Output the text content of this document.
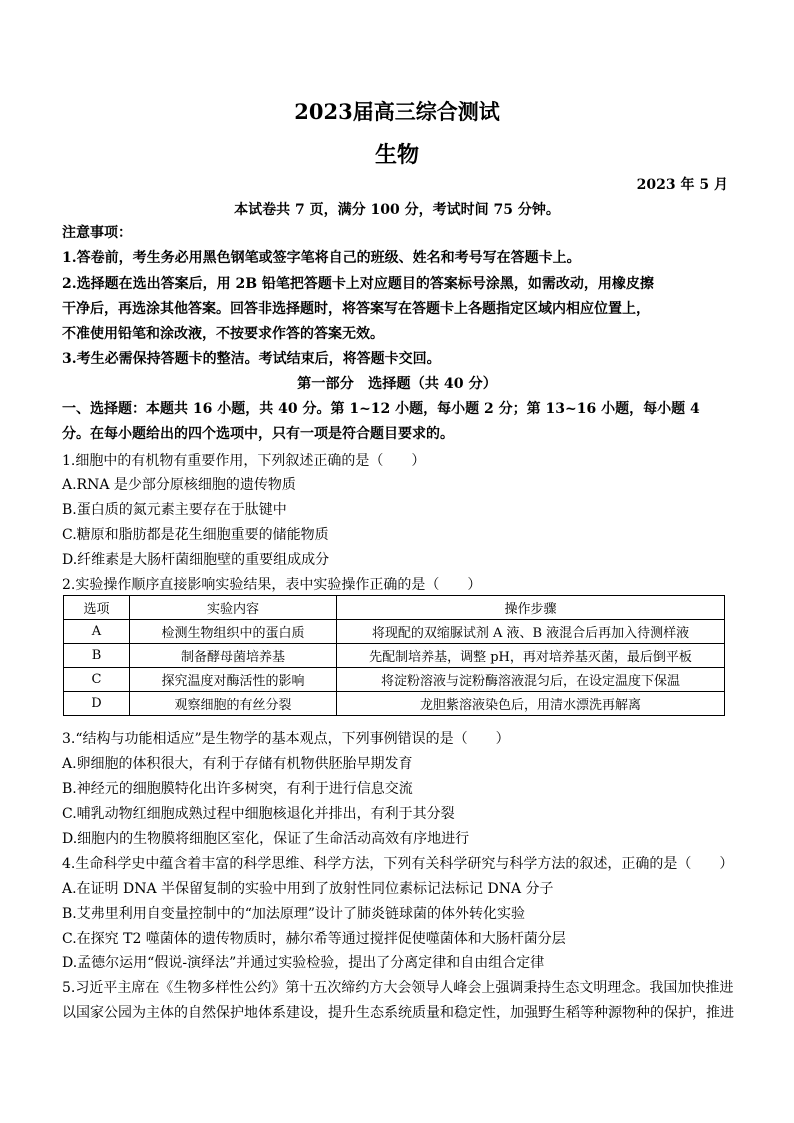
2023届高三综合测试
生物
2023 年 5 月
本试卷共 7 页，满分 100 分，考试时间 75 分钟。
注意事项：
1.答卷前，考生务必用黑色钢笔或签字笔将自己的班级、姓名和考号写在答题卡上。
2.选择题在选出答案后，用 2B 铅笔把答题卡上对应题目的答案标号涂黑，如需改动，用橡皮擦
干净后，再选涂其他答案。回答非选择题时，将答案写在答题卡上各题指定区域内相应位置上，
不准使用铅笔和涂改液，不按要求作答的答案无效。
3.考生必需保持答题卡的整洁。考试结束后，将答题卡交回。
第一部分　选择题（共 40 分）
一、选择题：本题共 16 小题，共 40 分。第 1~12 小题，每小题 2 分；第 13~16 小题，每小题 4
分。在每小题给出的四个选项中，只有一项是符合题目要求的。
1.细胞中的有机物有重要作用，下列叙述正确的是（　　）
A.RNA 是少部分原核细胞的遗传物质
B.蛋白质的氮元素主要存在于肽键中
C.糖原和脂肪都是花生细胞重要的储能物质
D.纤维素是大肠杆菌细胞壁的重要组成成分
2.实验操作顺序直接影响实验结果，表中实验操作正确的是（　　）
选项	实验内容	操作步骤
A	检测生物组织中的蛋白质	将现配的双缩脲试剂 A 液、B 液混合后再加入待测样液
B	制备酵母菌培养基	先配制培养基，调整 pH，再对培养基灭菌，最后倒平板
C	探究温度对酶活性的影响	将淀粉溶液与淀粉酶溶液混匀后，在设定温度下保温
D	观察细胞的有丝分裂	龙胆紫溶液染色后，用清水漂洗再解离
3.“结构与功能相适应”是生物学的基本观点，下列事例错误的是（　　）
A.卵细胞的体积很大，有利于存储有机物供胚胎早期发育
B.神经元的细胞膜特化出许多树突，有利于进行信息交流
C.哺乳动物红细胞成熟过程中细胞核退化并排出，有利于其分裂
D.细胞内的生物膜将细胞区室化，保证了生命活动高效有序地进行
4.生命科学史中蕴含着丰富的科学思维、科学方法，下列有关科学研究与科学方法的叙述，正确的是（　　）
A.在证明 DNA 半保留复制的实验中用到了放射性同位素标记法标记 DNA 分子
B.艾弗里利用自变量控制中的“加法原理”设计了肺炎链球菌的体外转化实验
C.在探究 T2 噬菌体的遗传物质时，赫尔希等通过搅拌促使噬菌体和大肠杆菌分层
D.孟德尔运用“假说-演绎法”并通过实验检验，提出了分离定律和自由组合定律
5.习近平主席在《生物多样性公约》第十五次缔约方大会领导人峰会上强调秉持生态文明理念。我国加快推进
以国家公园为主体的自然保护地体系建设，提升生态系统质量和稳定性，加强野生稻等种源物种的保护，推进
